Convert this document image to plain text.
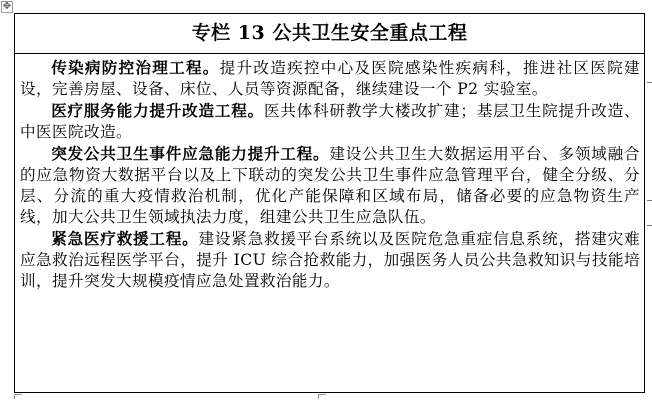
✥
专栏 13 公共卫生安全重点工程

传染病防控治理工程。提升改造疾控中心及医院感染性疾病科，推进社区医院建设，完善房屋、设备、床位、人员等资源配备，继续建设一个 P2 实验室。

医疗服务能力提升改造工程。医共体科研教学大楼改扩建；基层卫生院提升改造、中医医院改造。

突发公共卫生事件应急能力提升工程。建设公共卫生大数据运用平台、多领域融合的应急物资大数据平台以及上下联动的突发公共卫生事件应急管理平台，健全分级、分层、分流的重大疫情救治机制，优化产能保障和区域布局，储备必要的应急物资生产线，加大公共卫生领域执法力度，组建公共卫生应急队伍。

紧急医疗救援工程。建设紧急救援平台系统以及医院危急重症信息系统，搭建灾难应急救治远程医学平台，提升 ICU 综合抢救能力，加强医务人员公共急救知识与技能培训，提升突发大规模疫情应急处置救治能力。
